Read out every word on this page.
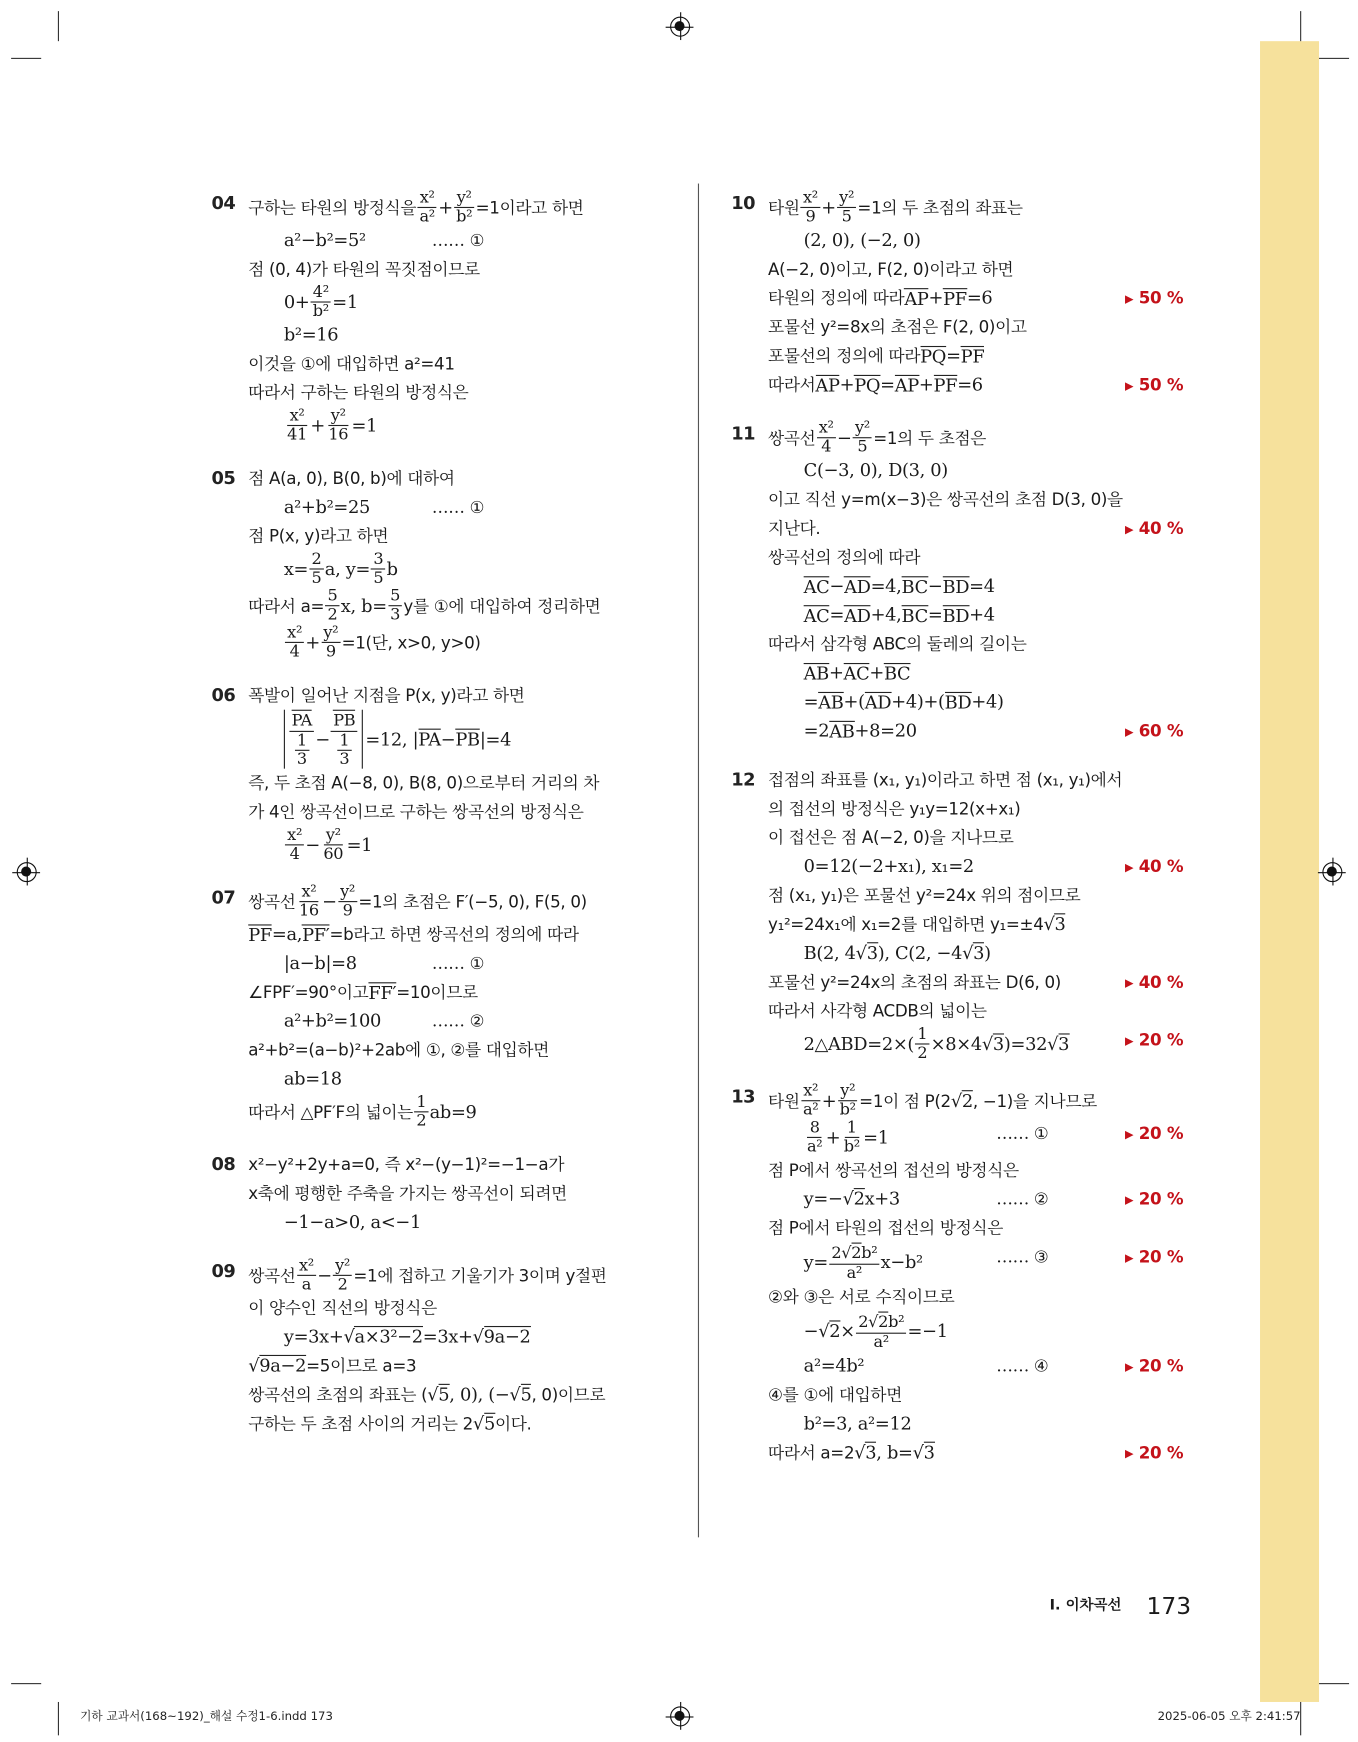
04 구하는 타원의 방정식을 $\frac{\text{x²}}{\text{a²}} + \frac{\text{y²}}{\text{b²}} =1$이라고 하면
a²−b²=5²	…… ①
점 (0, 4)가 타원의 꼭짓점이므로
$0+ \frac{\text{4²}}{\text{b²}} =1$
b²=16
이것을 ①에 대입하면 a²=41
따라서 구하는 타원의 방정식은
$\frac{\text{x²}}{41} + \frac{\text{y²}}{16} =1$
05 점 A(a, 0), B(0, b)에 대하여
a²+b²=25	…… ①
점 P(x, y)라고 하면
$x= \frac{2}{5} a$, $y= \frac{3}{5}$ b
따라서 $a= \frac{5}{2} x$, $b= \frac{5}{3}$ y를 ①에 대입하여 정리하면
$\frac{\text{x²}}{4} + \frac{\text{y²}}{9} =1$(단, x>0, y>0)
06 폭발이 일어난 지점을 P(x, y)라고 하면
$\frac{PA}{\frac{1}{3}} - \frac{PB}{\frac{1}{3}} =12$, | PA − PB |=4
즉, 두 초점 A(−8, 0), B(8, 0)으로부터 거리의 차
가 4인 쌍곡선이므로 구하는 쌍곡선의 방정식은
$\frac{\text{x²}}{4} - \frac{\text{y²}}{60} =1$
07 쌍곡선 $\frac{\text{x²}}{16} - \frac{\text{y²}}{9} =1$의 초점은 F′(−5, 0), F(5, 0)
PF =a, PF′ =b라고 하면 쌍곡선의 정의에 따라
|a−b|=8	…… ①
∠FPF′=90°이고 FF′ =10이므로
a²+b²=100	…… ②
a²+b²=(a−b)²+2ab에 ①, ②를 대입하면
ab=18
따라서 △PF′F의 넓이는 $\frac{1}{2} ab=9$
08 x²−y²+2y+a=0, 즉 x²−(y−1)²=−1−a가
x축에 평행한 주축을 가지는 쌍곡선이 되려면
−1−a>0, a<−1
09 쌍곡선 $\frac{\text{x²}}{a} - \frac{\text{y²}}{2} =1$에 접하고 기울기가 3이며 y절편
이 양수인 직선의 방정식은
y=3x+ √a×3²−2 =3x+ √9a−2
√9a−2 =5이므로 a=3
쌍곡선의 초점의 좌표는 ( √5 , 0), (− √5 , 0)이므로
구하는 두 초점 사이의 거리는 2 √5 이다.
10 타원 $\frac{\text{x²}}{9} + \frac{\text{y²}}{5} =1$의 두 초점의 좌표는
(2, 0), (−2, 0)
A(−2, 0)이고, F(2, 0)이라고 하면
타원의 정의에 따라 AP + PF =6	▶ 50 %
포물선 y²=8x의 초점은 F(2, 0)이고
포물선의 정의에 따라 PQ = PF
따라서 AP + PQ = AP + PF =6	▶ 50 %
11 쌍곡선 $\frac{\text{x²}}{4} - \frac{\text{y²}}{5} =1$의 두 초점은
C(−3, 0), D(3, 0)
이고 직선 y=m(x−3)은 쌍곡선의 초점 D(3, 0)을
지난다.	▶ 40 %
쌍곡선의 정의에 따라
AC − AD =4, BC − BD =4
AC = AD +4, BC = BD +4
따라서 삼각형 ABC의 둘레의 길이는
AB + AC + BC
= AB +( AD +4)+( BD +4)
=2 AB +8=20	▶ 60 %
12 접점의 좌표를 (x₁, y₁)이라고 하면 점 (x₁, y₁)에서
의 접선의 방정식은 y₁y=12(x+x₁)
이 접선은 점 A(−2, 0)을 지나므로
0=12(−2+x₁), x₁=2	▶ 40 %
점 (x₁, y₁)은 포물선 y²=24x 위의 점이므로
y₁²=24x₁에 x₁=2를 대입하면 y₁=±4 √3
B(2, 4 √3 ), C(2, −4 √3 )
포물선 y²=24x의 초점의 좌표는 D(6, 0)	▶ 40 %
따라서 사각형 ACDB의 넓이는
2△ABD=2×( $\frac{1}{2} \times 8\times 4$ √3 )=32 √3	▶ 20 %
13 타원 $\frac{\text{x²}}{\text{a²}} + \frac{\text{y²}}{\text{b²}} =1$이 점 P(2 √2 , −1)을 지나므로
$\frac{8}{\text{a²}} + \frac{1}{\text{b²}} =1$	…… ①	▶ 20 %
점 P에서 쌍곡선의 접선의 방정식은
y=− √2 x+3	…… ②	▶ 20 %
점 P에서 타원의 접선의 방정식은
$y= \frac{\text{2√2b²}}{\text{a²}} x-b^2$	…… ③	▶ 20 %
②와 ③은 서로 수직이므로
− $√2 \times \frac{\text{2√2b²}}{\text{a²}} =-1$
a²=4b²	…… ④	▶ 20 %
④를 ①에 대입하면
b²=3, a²=12
따라서 a=2 √3 , b= √3	▶ 20 %
Ⅰ. 이차곡선 173
기하 교과서(168~192)_해설 수정1-6.indd 173	2025-06-05 오후 2:41:57
